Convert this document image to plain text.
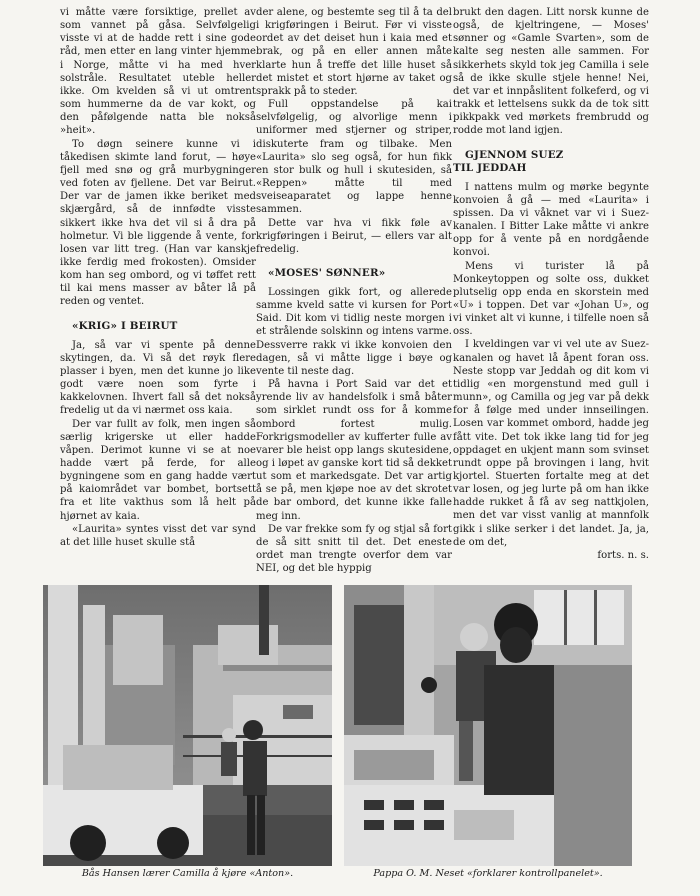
vi måtte være forsiktige, prellet av som vannet på gåsa. Selvfølgelig visste vi at de hadde rett i sine gode råd, men etter en lang vinter hjemme i Norge, måtte vi ha med hver solstråle. Resultatet uteble heller ikke. Om kvelden så vi ut omtrent som hummerne da de var kokt, og den påfølgende natta ble nokså »heit».

To døgn seinere kunne vi i tåkedisen skimte land forut, — høye fjell med snø og grå murbygninger ved foten av fjellene. Det var Beirut. Der var de jamen ikke beriket med skjærgård, så de innfødte visste sikkert ikke hva det vil si å dra på holmetur. Vi ble liggende å vente, for losen var litt treg. (Han var kanskje ikke ferdig med frokosten). Omsider kom han seg ombord, og vi tøffet rett til kai mens masser av båter lå på reden og ventet.

«KRIG» I BEIRUT

Ja, så var vi spente på denne skytingen, da. Vi så det røyk flere plasser i byen, men det kunne jo like godt være noen som fyrte i kakkelovnen. Ihvert fall så det nokså fredelig ut da vi nærmet oss kaia.

Der var fullt av folk, men ingen så særlig krigerske ut eller hadde våpen. Derimot kunne vi se at noe hadde vært på ferde, for alle bygningene som en gang hadde vært på kaiområdet var bombet, bortsett fra et lite vakthus som lå helt på hjørnet av kaia.

«Laurita» syntes visst det var synd at det lille huset skulle stå

der alene, og bestemte seg til å ta del i krigføringen i Beirut. Før vi visste ordet av det deiset hun i kaia med et brak, og på en eller annen måte klarte hun å treffe det lille huset så det mistet et stort hjørne av taket og sprakk på to steder.

Full oppstandelse på kai selvfølgelig, og alvorlige menn i uniformer med stjerner og striper, diskuterte fram og tilbake. Men «Laurita» slo seg også, for hun fikk en stor bulk og hull i skutesiden, så «Reppen» måtte til med sveiseaparatet og lappe henne sammen.

Dette var hva vi fikk føle av krigføringen i Beirut, — ellers var alt fredelig.

«MOSES' SØNNER»

Lossingen gikk fort, og allerede samme kveld satte vi kursen for Port Said. Dit kom vi tidlig neste morgen i et strålende solskinn og intens varme. Dessverre rakk vi ikke konvoien den dagen, så vi måtte ligge i bøye og vente til neste dag.

På havna i Port Said var det et yrende liv av handelsfolk i små båter som sirklet rundt oss for å komme ombord fortest mulig. Forkrigsmodeller av kufferter fulle av varer ble heist opp langs skutesidene, og i løpet av ganske kort tid så dekket ut som et markedsgate. Det var artig å se på, men kjøpe noe av det skrotet de bar ombord, det kunne ikke falle meg inn.

De var frekke som fy og stjal så fort de så sitt snitt til det. Det eneste ordet man trengte overfor dem var NEI, og det ble hyppig

brukt den dagen. Litt norsk kunne de også, de kjeltringene, — Moses' sønner og «Gamle Svarten», som de kalte seg nesten alle sammen. For sikkerhets skyld tok jeg Camilla i sele så de ikke skulle stjele henne! Nei, det var et innpåslitent folkeferd, og vi trakk et lettelsens sukk da de tok sitt pikkpakk ved mørkets frembrudd og rodde mot land igjen.

GJENNOM SUEZ TIL JEDDAH

I nattens mulm og mørke begynte konvoien å gå — med «Laurita» i spissen. Da vi våknet var vi i Suez-kanalen. I Bitter Lake måtte vi ankre opp for å vente på en nordgående konvoi.

Mens vi turister lå på Monkeytoppen og solte oss, dukket plutselig opp enda en skorstein med «U» i toppen. Det var «Johan U», og vi vinket alt vi kunne, i tilfelle noen så oss.

I kveldingen var vi vel ute av Suez-kanalen og havet lå åpent foran oss. Neste stopp var Jeddah og dit kom vi tidlig «en morgenstund med gull i munn», og Camilla og jeg var på dekk for å følge med under innseilingen. Losen var kommet ombord, hadde jeg fått vite. Det tok ikke lang tid for jeg oppdaget en ukjent mann som svinset rundt oppe på brovingen i lang, hvit kjortel. Stuerten fortalte meg at det var losen, og jeg lurte på om han ikke hadde rukket å få av seg nattkjolen, men det var visst vanlig at mannfolk gikk i slike serker i det landet. Ja, ja, de om det,

forts. n. s.

Bås Hansen lærer Camilla å kjøre «Anton».	Pappa O. M. Neset «forklarer kontrollpanelet».
